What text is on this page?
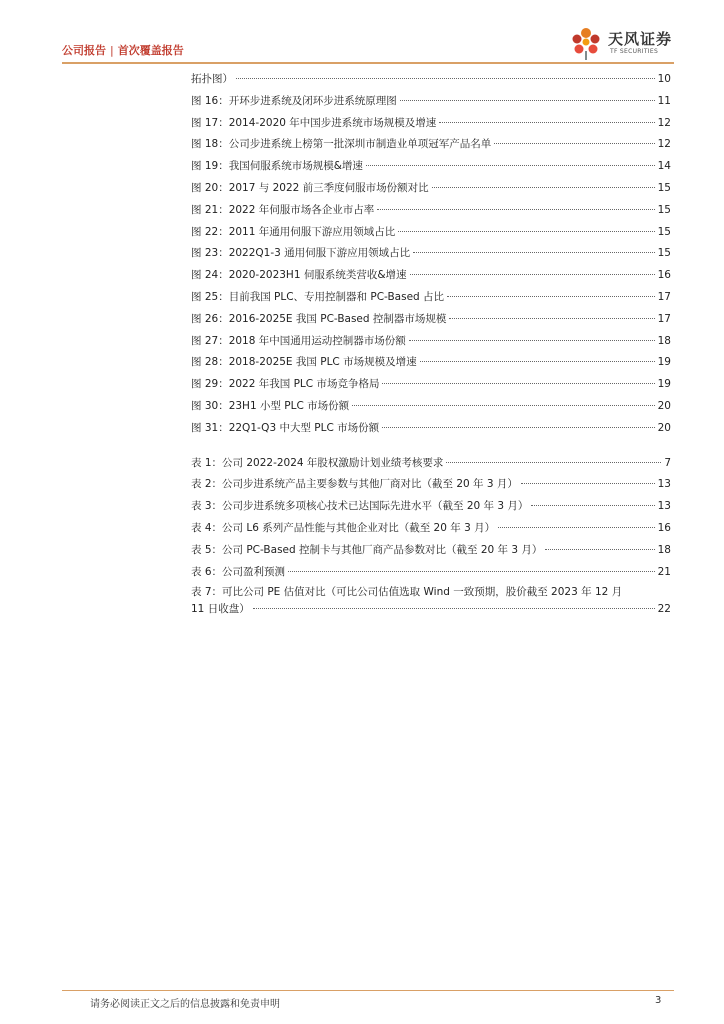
公司报告 | 首次覆盖报告
天风证券
TF SECURITIES
拓扑图）	10
图 16：开环步进系统及闭环步进系统原理图	11
图 17：2014-2020 年中国步进系统市场规模及增速	12
图 18：公司步进系统上榜第一批深圳市制造业单项冠军产品名单	12
图 19：我国伺服系统市场规模&增速	14
图 20：2017 与 2022 前三季度伺服市场份额对比	15
图 21：2022 年伺服市场各企业市占率	15
图 22：2011 年通用伺服下游应用领域占比	15
图 23：2022Q1-3 通用伺服下游应用领域占比	15
图 24：2020-2023H1 伺服系统类营收&增速	16
图 25：目前我国 PLC、专用控制器和 PC-Based 占比	17
图 26：2016-2025E 我国 PC-Based 控制器市场规模	17
图 27：2018 年中国通用运动控制器市场份额	18
图 28：2018-2025E 我国 PLC 市场规模及增速	19
图 29：2022 年我国 PLC 市场竞争格局	19
图 30：23H1 小型 PLC 市场份额	20
图 31：22Q1-Q3 中大型 PLC 市场份额	20
表 1：公司 2022-2024 年股权激励计划业绩考核要求	7
表 2：公司步进系统产品主要参数与其他厂商对比（截至 20 年 3 月）	13
表 3：公司步进系统多项核心技术已达国际先进水平（截至 20 年 3 月）	13
表 4：公司 L6 系列产品性能与其他企业对比（截至 20 年 3 月）	16
表 5：公司 PC-Based 控制卡与其他厂商产品参数对比（截至 20 年 3 月）	18
表 6：公司盈利预测	21
表 7：可比公司 PE 估值对比（可比公司估值选取 Wind 一致预期，股价截至 2023 年 12 月
11 日收盘）	22
请务必阅读正文之后的信息披露和免责申明	3
